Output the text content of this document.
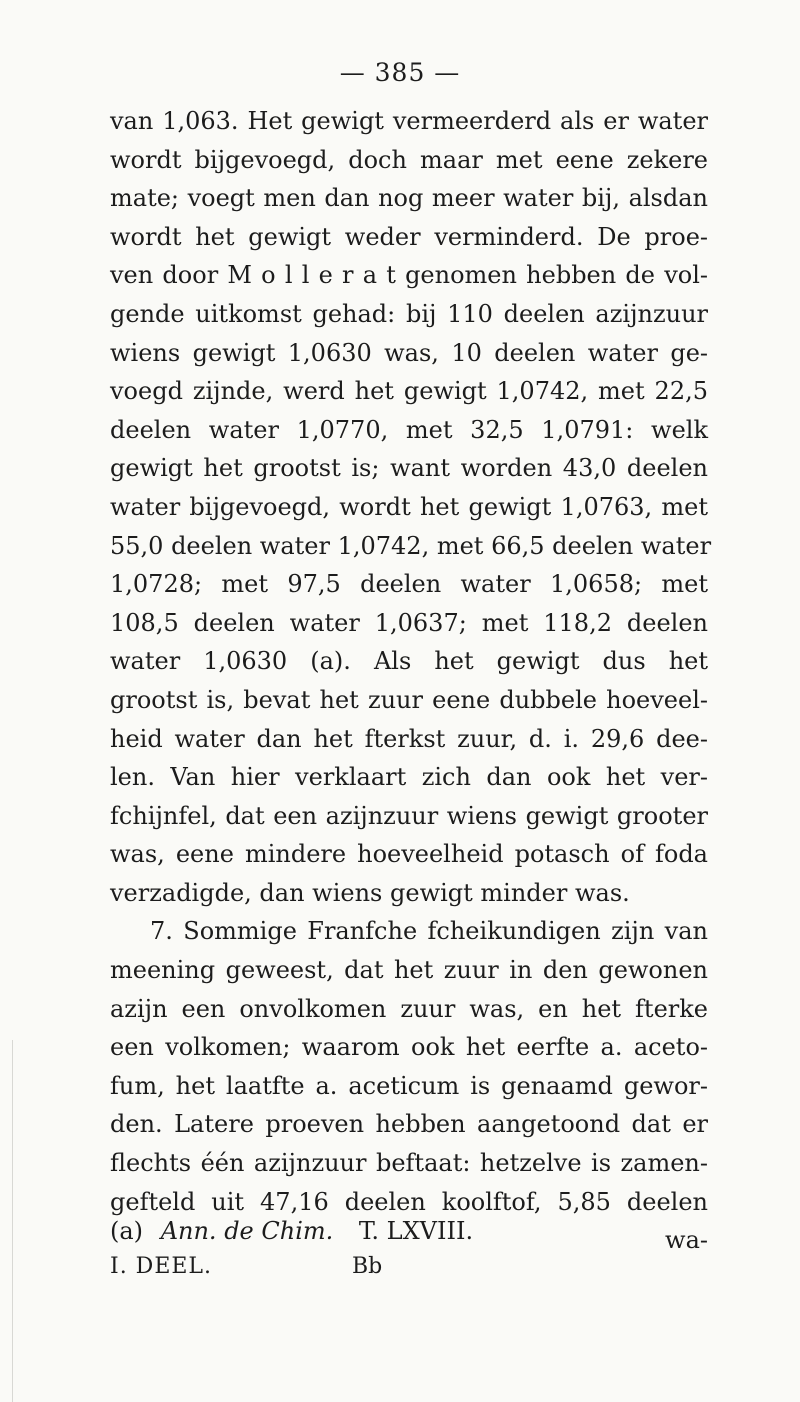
— 385 —
van 1,063. Het gewigt vermeerderd als er water
wordt bijgevoegd, doch maar met eene zekere
mate; voegt men dan nog meer water bij, alsdan
wordt het gewigt weder verminderd. De proe-
ven door M o l l e r a t genomen hebben de vol-
gende uitkomst gehad: bij 110 deelen azijnzuur
wiens gewigt 1,0630 was, 10 deelen water ge-
voegd zijnde, werd het gewigt 1,0742, met 22,5
deelen water 1,0770, met 32,5 1,0791: welk
gewigt het grootst is; want worden 43,0 deelen
water bijgevoegd, wordt het gewigt 1,0763, met
55,0 deelen water 1,0742, met 66,5 deelen water
1,0728; met 97,5 deelen water 1,0658; met
108,5 deelen water 1,0637; met 118,2 deelen
water 1,0630 (a). Als het gewigt dus het
grootst is, bevat het zuur eene dubbele hoeveel-
heid water dan het fterkst zuur, d. i. 29,6 dee-
len. Van hier verklaart zich dan ook het ver-
fchijnfel, dat een azijnzuur wiens gewigt grooter
was, eene mindere hoeveelheid potasch of foda
verzadigde, dan wiens gewigt minder was.
7. Sommige Franfche fcheikundigen zijn van
meening geweest, dat het zuur in den gewonen
azijn een onvolkomen zuur was, en het fterke
een volkomen; waarom ook het eerfte a. aceto-
fum, het laatfte a. aceticum is genaamd gewor-
den. Latere proeven hebben aangetoond dat er
flechts één azijnzuur beftaat: hetzelve is zamen-
gefteld uit 47,16 deelen koolftof, 5,85 deelen
wa-
(a) Ann. de Chim. T. LXVIII.
I. DEEL.	Bb
